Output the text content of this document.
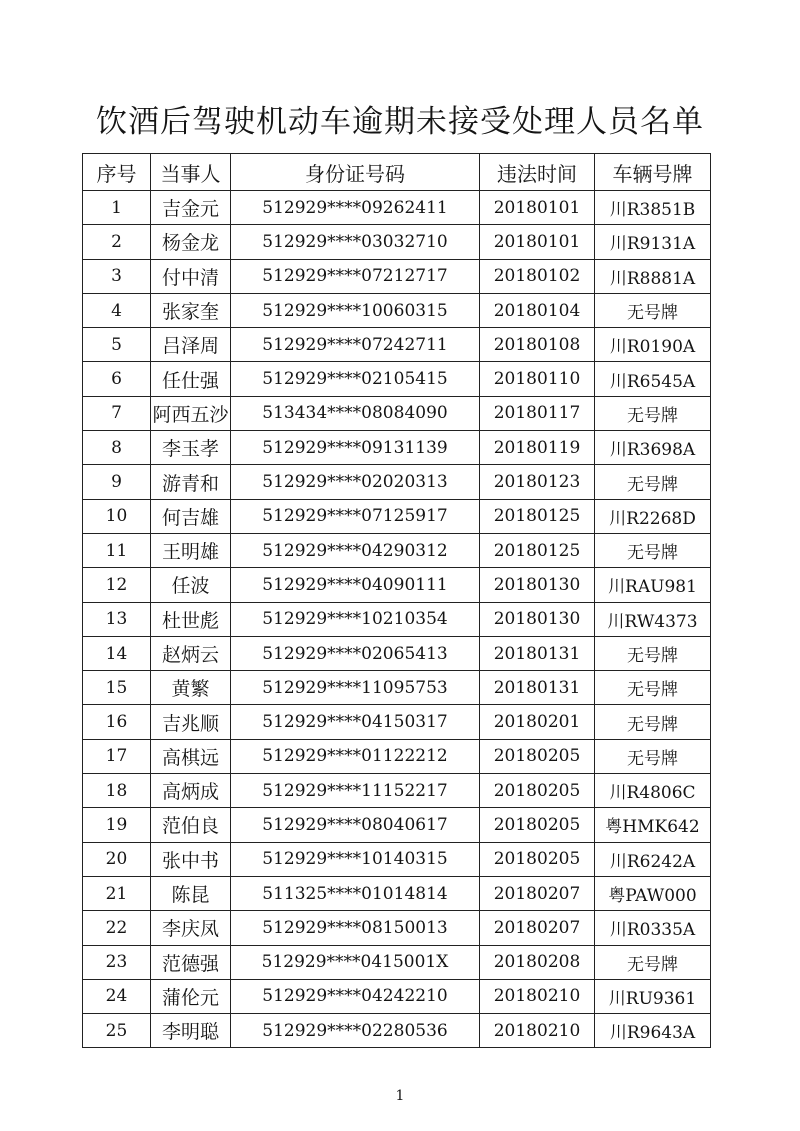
饮酒后驾驶机动车逾期未接受处理人员名单
序号	当事人	身份证号码	违法时间	车辆号牌
1	吉金元	512929****09262411	20180101	川R3851B
2	杨金龙	512929****03032710	20180101	川R9131A
3	付中清	512929****07212717	20180102	川R8881A
4	张家奎	512929****10060315	20180104	无号牌
5	吕泽周	512929****07242711	20180108	川R0190A
6	任仕强	512929****02105415	20180110	川R6545A
7	阿西五沙	513434****08084090	20180117	无号牌
8	李玉孝	512929****09131139	20180119	川R3698A
9	游青和	512929****02020313	20180123	无号牌
10	何吉雄	512929****07125917	20180125	川R2268D
11	王明雄	512929****04290312	20180125	无号牌
12	任波	512929****04090111	20180130	川RAU981
13	杜世彪	512929****10210354	20180130	川RW4373
14	赵炳云	512929****02065413	20180131	无号牌
15	黄繁	512929****11095753	20180131	无号牌
16	吉兆顺	512929****04150317	20180201	无号牌
17	高棋远	512929****01122212	20180205	无号牌
18	高炳成	512929****11152217	20180205	川R4806C
19	范伯良	512929****08040617	20180205	粤HMK642
20	张中书	512929****10140315	20180205	川R6242A
21	陈昆	511325****01014814	20180207	粤PAW000
22	李庆凤	512929****08150013	20180207	川R0335A
23	范德强	512929****0415001X	20180208	无号牌
24	蒲伦元	512929****04242210	20180210	川RU9361
25	李明聪	512929****02280536	20180210	川R9643A
1
